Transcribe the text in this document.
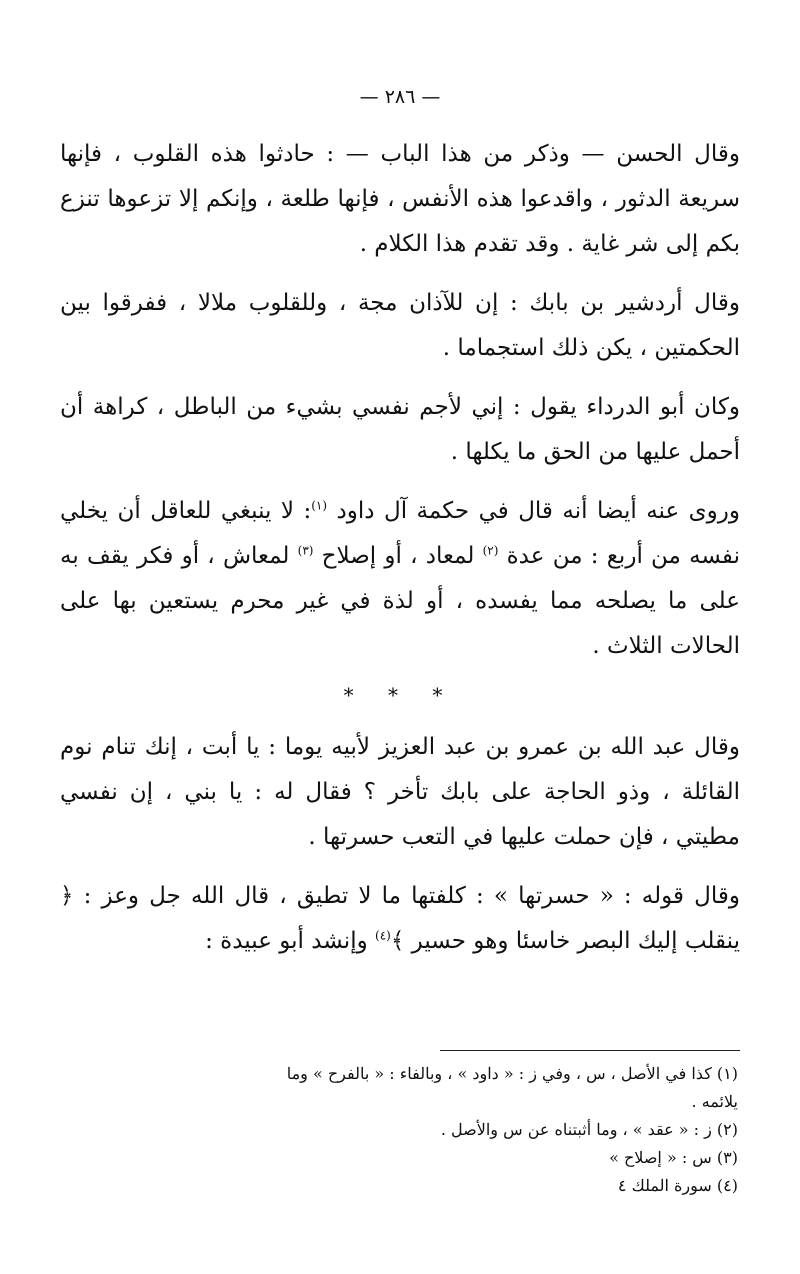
— ٢٨٦ —

وقال الحسن — وذكر من هذا الباب — : حادثوا هذه القلوب ، فإنها سريعة الدثور ، واقدعوا هذه الأنفس ، فإنها طلعة ، وإنكم إلا تزعوها تنزع بكم إلى شر غاية . وقد تقدم هذا الكلام .

وقال أردشير بن بابك : إن للآذان مجة ، وللقلوب ملالا ، ففرقوا بين الحكمتين ، يكن ذلك استجماما .

وكان أبو الدرداء يقول : إني لأجم نفسي بشيء من الباطل ، كراهة أن أحمل عليها من الحق ما يكلها .

وروى عنه أيضا أنه قال في حكمة آل داود $^{(١)}$: لا ينبغي للعاقل أن يخلي نفسه من أربع : من عدة $^{(٢)}$ لمعاد ، أو إصلاح $^{(٣)}$ لمعاش ، أو فكر يقف به على ما يصلحه مما يفسده ، أو لذة في غير محرم يستعين بها على الحالات الثلاث .

* * *

وقال عبد الله بن عمرو بن عبد العزيز لأبيه يوما : يا أبت ، إنك تنام نوم القائلة ، وذو الحاجة على بابك تأخر ؟ فقال له : يا بني ، إن نفسي مطيتي ، فإن حملت عليها في التعب حسرتها .

وقال قوله : « حسرتها » : كلفتها ما لا تطيق ، قال الله جل وعز : ﴿ ينقلب إليك البصر خاسئا وهو حسير ﴾$^{(٤)}$ وإنشد أبو عبيدة :

(١) كذا في الأصل ، س ، وفي ز : « داود » ، وبالفاء : « بالفرح » وما يلائمه .

(٢) ز : « عقد » ، وما أثبتناه عن س والأصل .

(٣) س : « إصلاح »

(٤) سورة الملك ٤
